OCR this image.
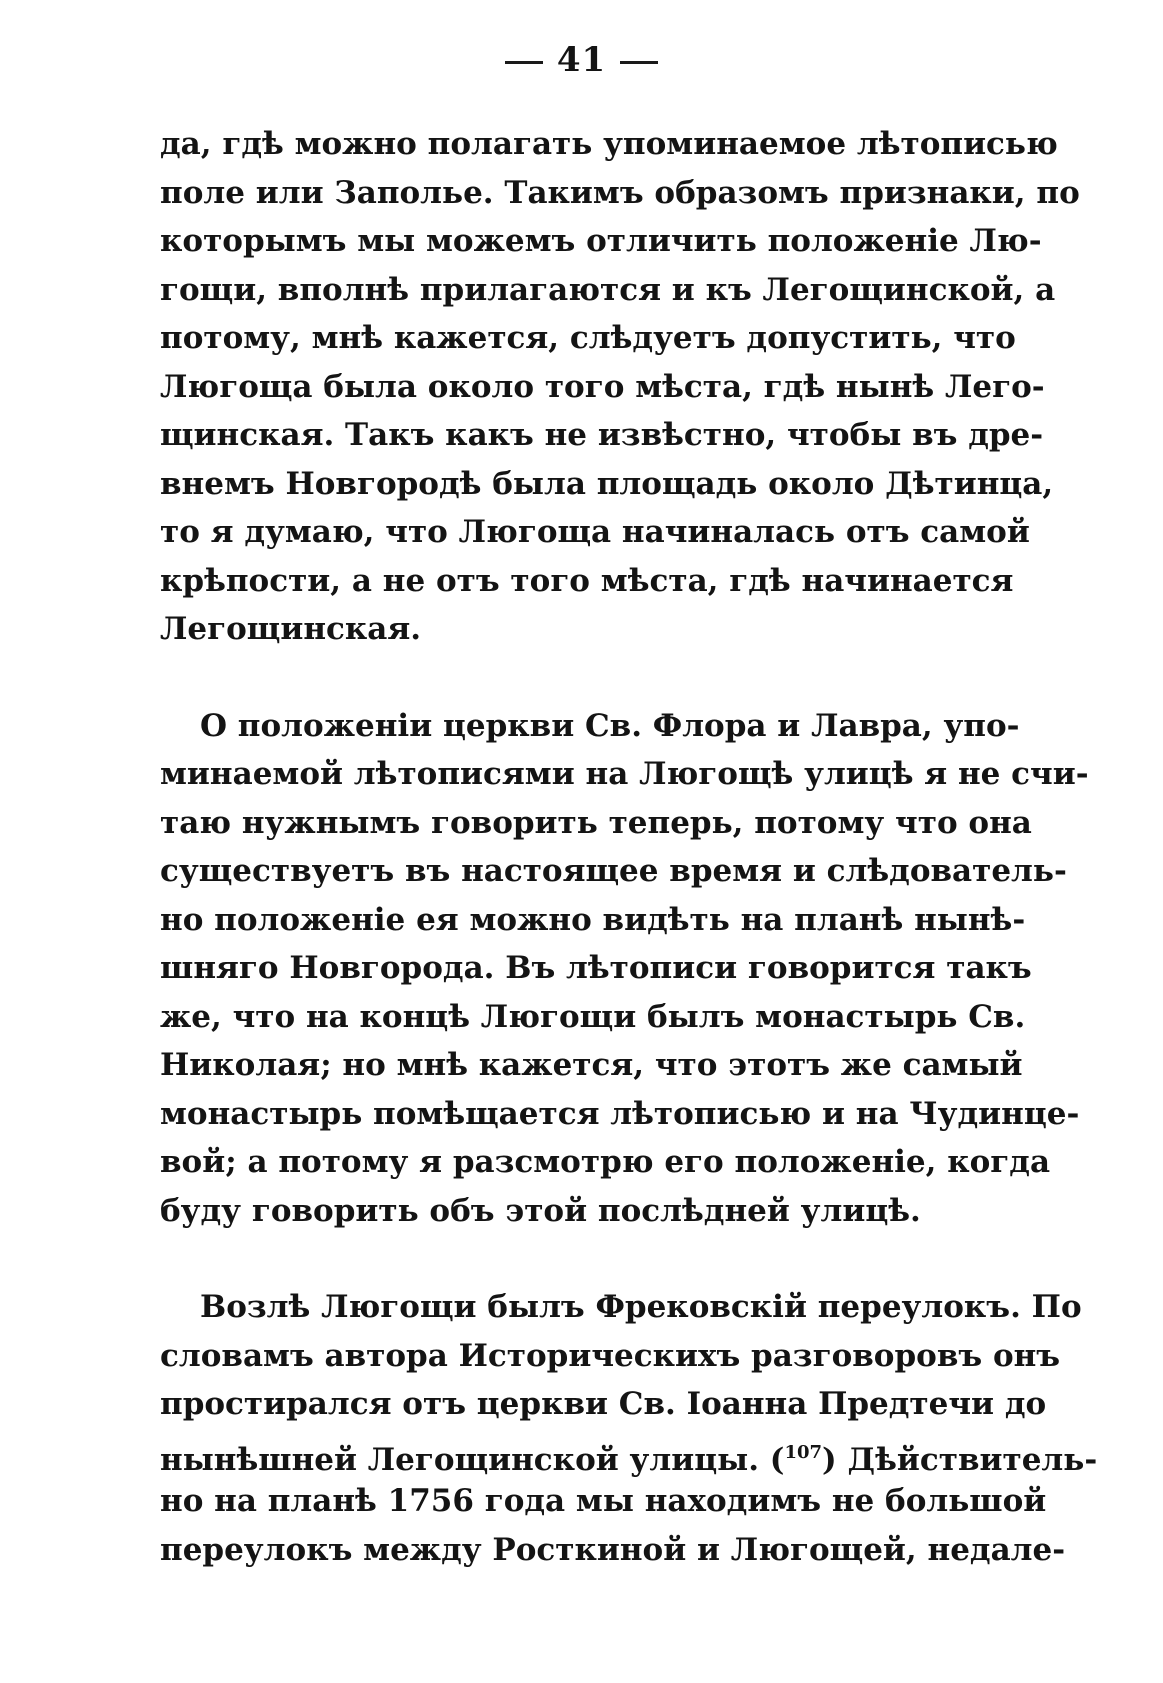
41
да, гдѣ можно полагать упоминаемое лѣтописью
поле или Заполье. Такимъ образомъ признаки, по
которымъ мы можемъ отличить положенiе Лю-
гощи, вполнѣ прилагаются и къ Легощинской, а
потому, мнѣ кажется, слѣдуетъ допустить, что
Люгоща была около того мѣста, гдѣ нынѣ Лего-
щинская. Такъ какъ не извѣстно, чтобы въ дре-
внемъ Новгородѣ была площадь около Дѣтинца,
то я думаю, что Люгоща начиналась отъ самой
крѣпости, а не отъ того мѣста, гдѣ начинается
Легощинская.
О положенiи церкви Св. Флора и Лавра, упо-
минаемой лѣтописями на Люгощѣ улицѣ я не счи-
таю нужнымъ говорить теперь, потому что она
существуетъ въ настоящее время и слѣдователь-
но положенiе ея можно видѣть на планѣ нынѣ-
шняго Новгорода. Въ лѣтописи говорится такъ
же, что на концѣ Люгощи былъ монастырь Св.
Николая; но мнѣ кажется, что этотъ же самый
монастырь помѣщается лѣтописью и на Чудинце-
вой; а потому я разсмотрю его положенiе, когда
буду говорить объ этой послѣдней улицѣ.
Возлѣ Люгощи былъ Фрековскiй переулокъ. По
словамъ автора Историческихъ разговоровъ онъ
простирался отъ церкви Св. Iоанна Предтечи до
нынѣшней Легощинской улицы. ($^{107}$) Дѣйствитель-
но на планѣ 1756 года мы находимъ не большой
переулокъ между Росткиной и Люгощей, недале-
